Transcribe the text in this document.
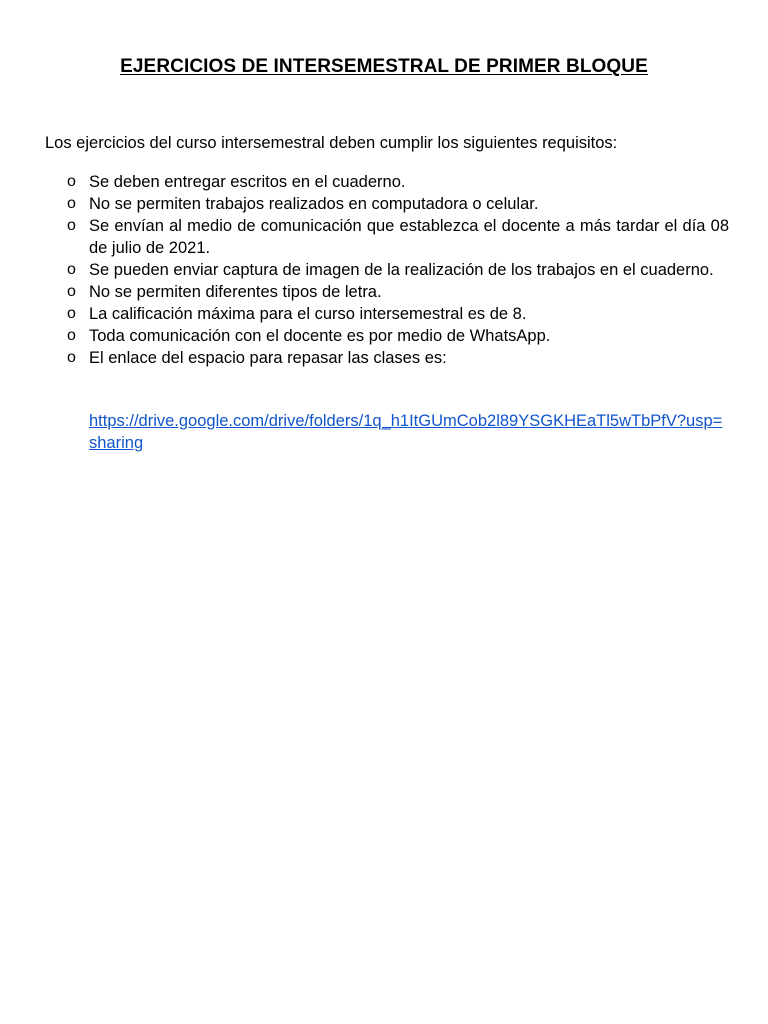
EJERCICIOS DE INTERSEMESTRAL DE PRIMER BLOQUE
Los ejercicios del curso intersemestral deben cumplir los siguientes requisitos:
o Se deben entregar escritos en el cuaderno.
o No se permiten trabajos realizados en computadora o celular.
o Se envían al medio de comunicación que establezca el docente a más tardar el día 08 de julio de 2021.
o Se pueden enviar captura de imagen de la realización de los trabajos en el cuaderno.
o No se permiten diferentes tipos de letra.
o La calificación máxima para el curso intersemestral es de 8.
o Toda comunicación con el docente es por medio de WhatsApp.
o El enlace del espacio para repasar las clases es:
https://drive.google.com/drive/folders/1q_h1ItGUmCob2l89YSGKHEaTl5wTbPfV?usp=sharing
